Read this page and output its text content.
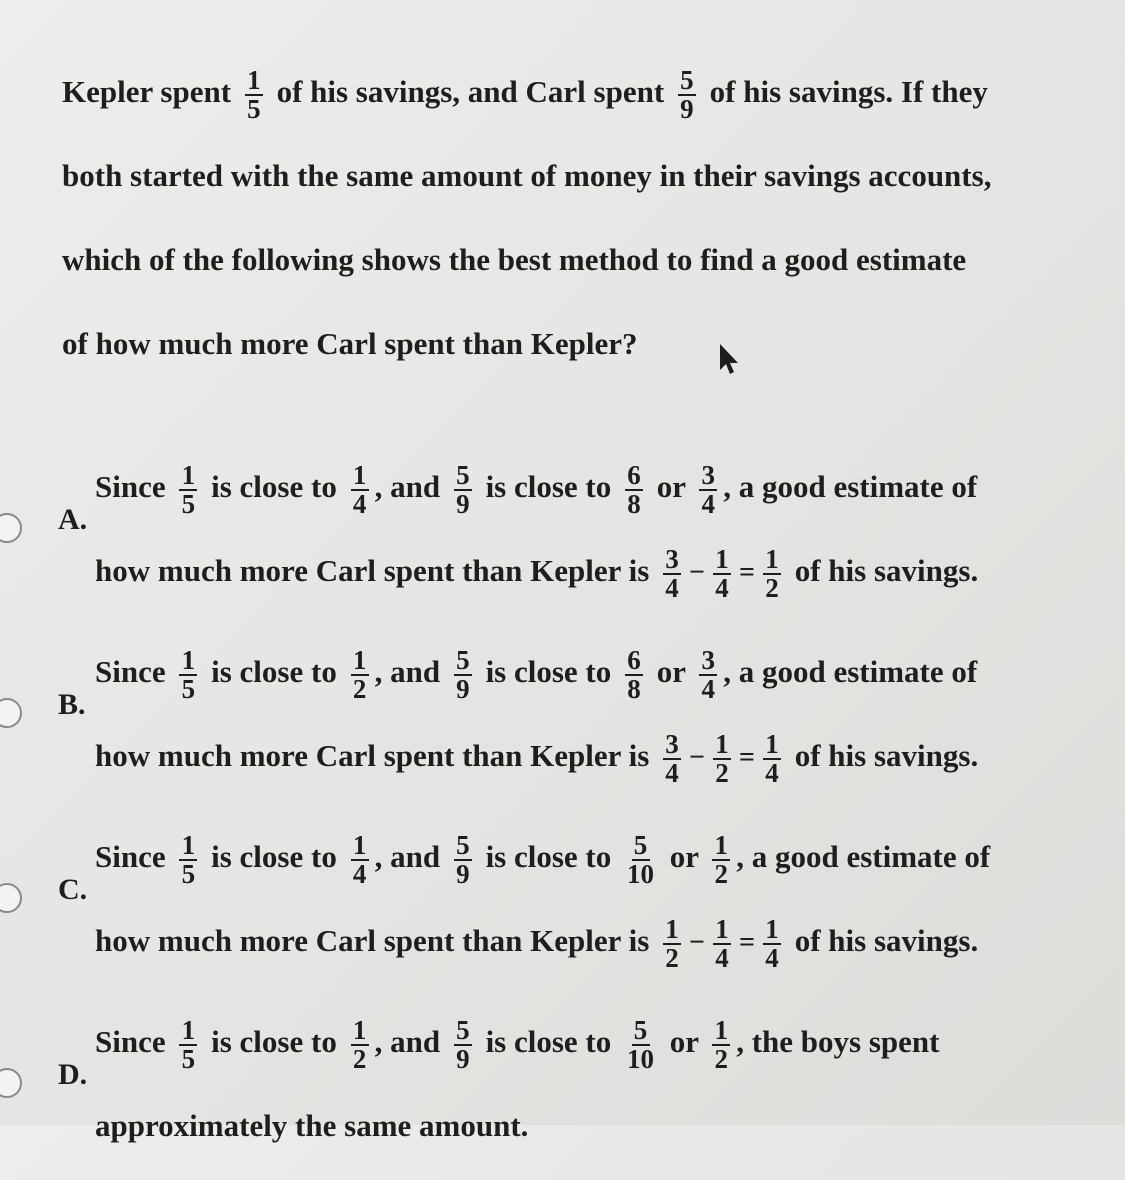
Kepler spent $\frac{1}{5}$ of his savings, and Carl spent $\frac{5}{9}$ of his savings. If they
both started with the same amount of money in their savings accounts,
which of the following shows the best method to find a good estimate
of how much more Carl spent than Kepler?
A.
Since $\frac{1}{5}$ is close to $\frac{1}{4}$ , and $\frac{5}{9}$ is close to $\frac{6}{8}$ or $\frac{3}{4}$ , a good estimate of
how much more Carl spent than Kepler is $\frac{3}{4} - \frac{1}{4} = \frac{1}{2}$ of his savings.
B.
Since $\frac{1}{5}$ is close to $\frac{1}{2}$ , and $\frac{5}{9}$ is close to $\frac{6}{8}$ or $\frac{3}{4}$ , a good estimate of
how much more Carl spent than Kepler is $\frac{3}{4} - \frac{1}{2} = \frac{1}{4}$ of his savings.
C.
Since $\frac{1}{5}$ is close to $\frac{1}{4}$ , and $\frac{5}{9}$ is close to $\frac{5}{10}$ or $\frac{1}{2}$ , a good estimate of
how much more Carl spent than Kepler is $\frac{1}{2} - \frac{1}{4} = \frac{1}{4}$ of his savings.
D.
Since $\frac{1}{5}$ is close to $\frac{1}{2}$ , and $\frac{5}{9}$ is close to $\frac{5}{10}$ or $\frac{1}{2}$ , the boys spent
approximately the same amount.
